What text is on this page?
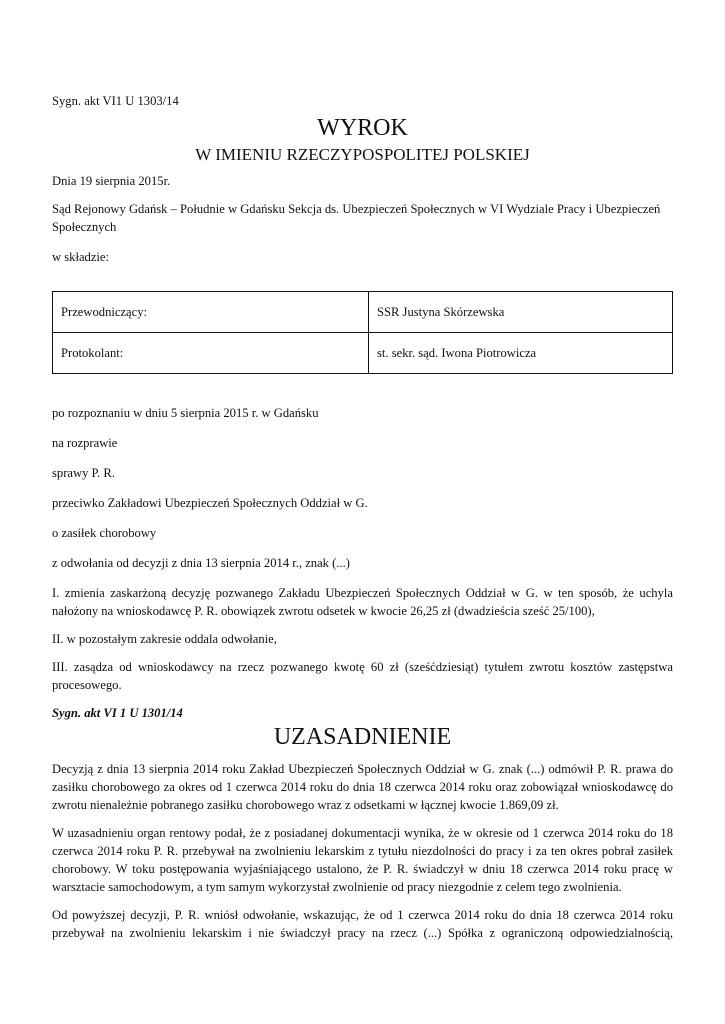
Sygn. akt VI1 U 1303/14

WYROK
W IMIENIU RZECZYPOSPOLITEJ POLSKIEJ

Dnia 19 sierpnia 2015r.

Sąd Rejonowy Gdańsk – Południe w Gdańsku Sekcja ds. Ubezpieczeń Społecznych w VI Wydziale Pracy i Ubezpieczeń Społecznych

w składzie:

Przewodniczący:	SSR Justyna Skórzewska
Protokolant:	st. sekr. sąd. Iwona Piotrowicza

po rozpoznaniu w dniu 5 sierpnia 2015 r. w Gdańsku

na rozprawie

sprawy P. R.

przeciwko Zakładowi Ubezpieczeń Społecznych Oddział w G.

o zasiłek chorobowy

z odwołania od decyzji z dnia 13 sierpnia 2014 r., znak (...)

I. zmienia zaskarżoną decyzję pozwanego Zakładu Ubezpieczeń Społecznych Oddział w G. w ten sposób, że uchyla nałożony na wnioskodawcę P. R. obowiązek zwrotu odsetek w kwocie 26,25 zł (dwadzieścia sześć 25/100),

II. w pozostałym zakresie oddala odwołanie,

III. zasądza od wnioskodawcy na rzecz pozwanego kwotę 60 zł (sześćdziesiąt) tytułem zwrotu kosztów zastępstwa procesowego.

Sygn. akt VI 1 U 1301/14

UZASADNIENIE

Decyzją z dnia 13 sierpnia 2014 roku Zakład Ubezpieczeń Społecznych Oddział w G. znak (...) odmówił P. R. prawa do zasiłku chorobowego za okres od 1 czerwca 2014 roku do dnia 18 czerwca 2014 roku oraz zobowiązał wnioskodawcę do zwrotu nienależnie pobranego zasiłku chorobowego wraz z odsetkami w łącznej kwocie 1.869,09 zł.

W uzasadnieniu organ rentowy podał, że z posiadanej dokumentacji wynika, że w okresie od 1 czerwca 2014 roku do 18 czerwca 2014 roku P. R. przebywał na zwolnieniu lekarskim z tytułu niezdolności do pracy i za ten okres pobrał zasiłek chorobowy. W toku postępowania wyjaśniającego ustalono, że P. R. świadczył w dniu 18 czerwca 2014 roku pracę w warsztacie samochodowym, a tym samym wykorzystał zwolnienie od pracy niezgodnie z celem tego zwolnienia.

Od powyższej decyzji, P. R. wniósł odwołanie, wskazując, że od 1 czerwca 2014 roku do dnia 18 czerwca 2014 roku przebywał na zwolnieniu lekarskim i nie świadczył pracy na rzecz (...) Spółka z ograniczoną odpowiedzialnością,
